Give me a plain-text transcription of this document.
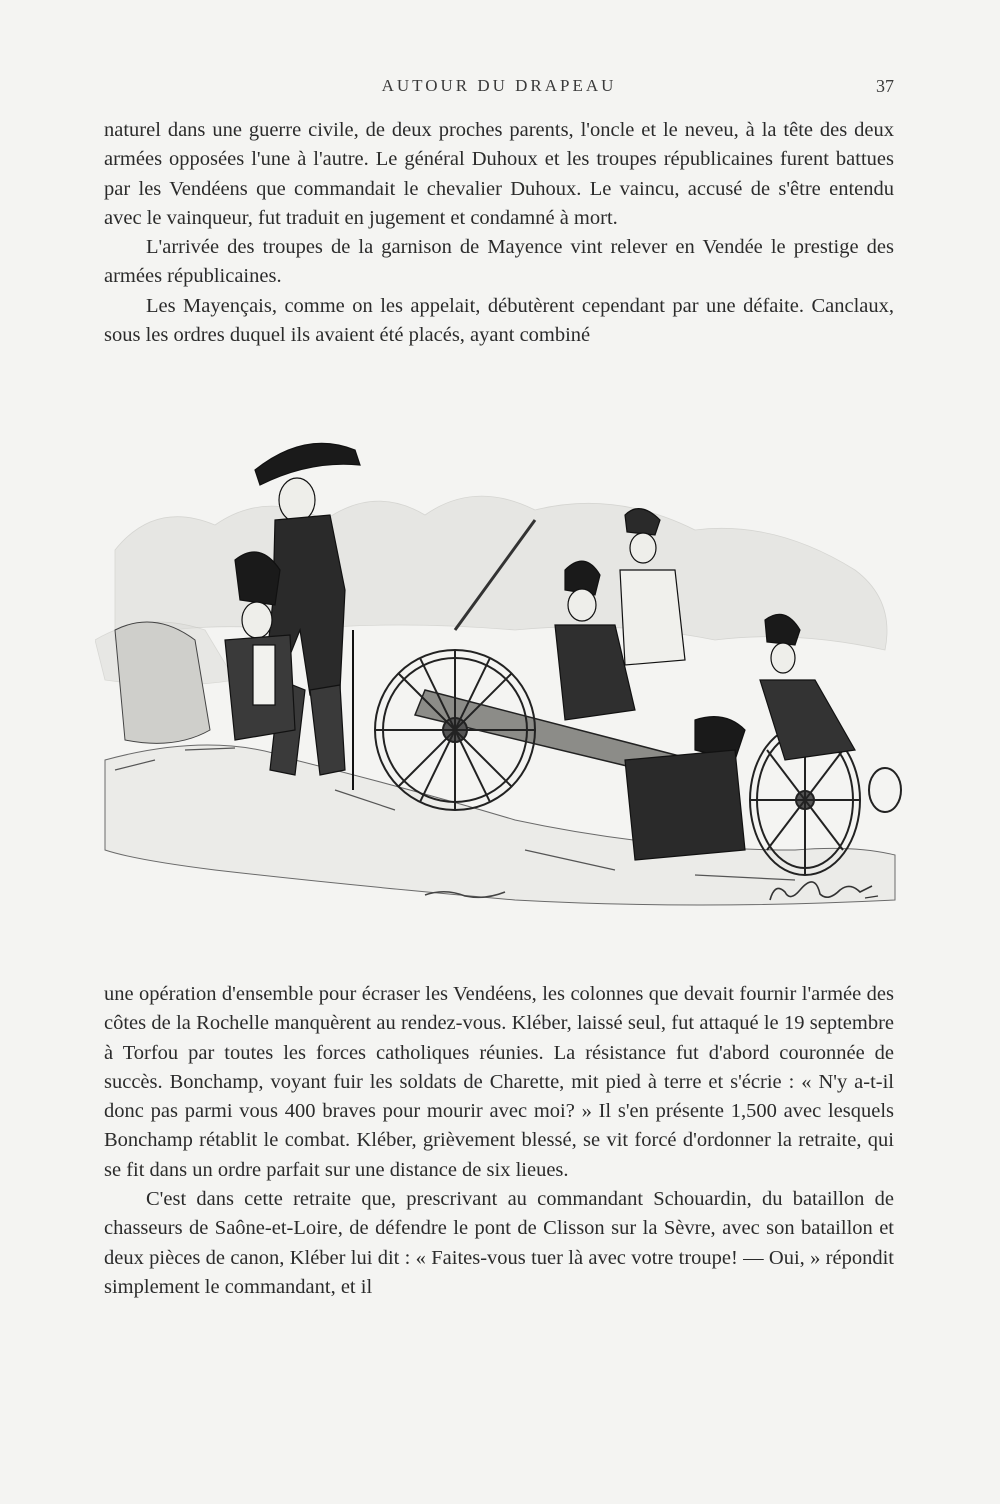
AUTOUR DU DRAPEAU	37

naturel dans une guerre civile, de deux proches parents, l'oncle et le neveu, à la tête des deux armées opposées l'une à l'autre. Le général Duhoux et les troupes républicaines furent battues par les Vendéens que commandait le chevalier Duhoux. Le vaincu, accusé de s'être entendu avec le vainqueur, fut traduit en jugement et condamné à mort.

L'arrivée des troupes de la garnison de Mayence vint relever en Vendée le prestige des armées républicaines.

Les Mayençais, comme on les appelait, débutèrent cependant par une défaite. Canclaux, sous les ordres duquel ils avaient été placés, ayant combiné

une opération d'ensemble pour écraser les Vendéens, les colonnes que devait fournir l'armée des côtes de la Rochelle manquèrent au rendez-vous. Kléber, laissé seul, fut attaqué le 19 septembre à Torfou par toutes les forces catholiques réunies. La résistance fut d'abord couronnée de succès. Bonchamp, voyant fuir les soldats de Charette, mit pied à terre et s'écrie : « N'y a-t-il donc pas parmi vous 400 braves pour mourir avec moi? » Il s'en présente 1,500 avec lesquels Bonchamp rétablit le combat. Kléber, grièvement blessé, se vit forcé d'ordonner la retraite, qui se fit dans un ordre parfait sur une distance de six lieues.

C'est dans cette retraite que, prescrivant au commandant Schouardin, du bataillon de chasseurs de Saône-et-Loire, de défendre le pont de Clisson sur la Sèvre, avec son bataillon et deux pièces de canon, Kléber lui dit : « Faites-vous tuer là avec votre troupe! — Oui, » répondit simplement le commandant, et il
